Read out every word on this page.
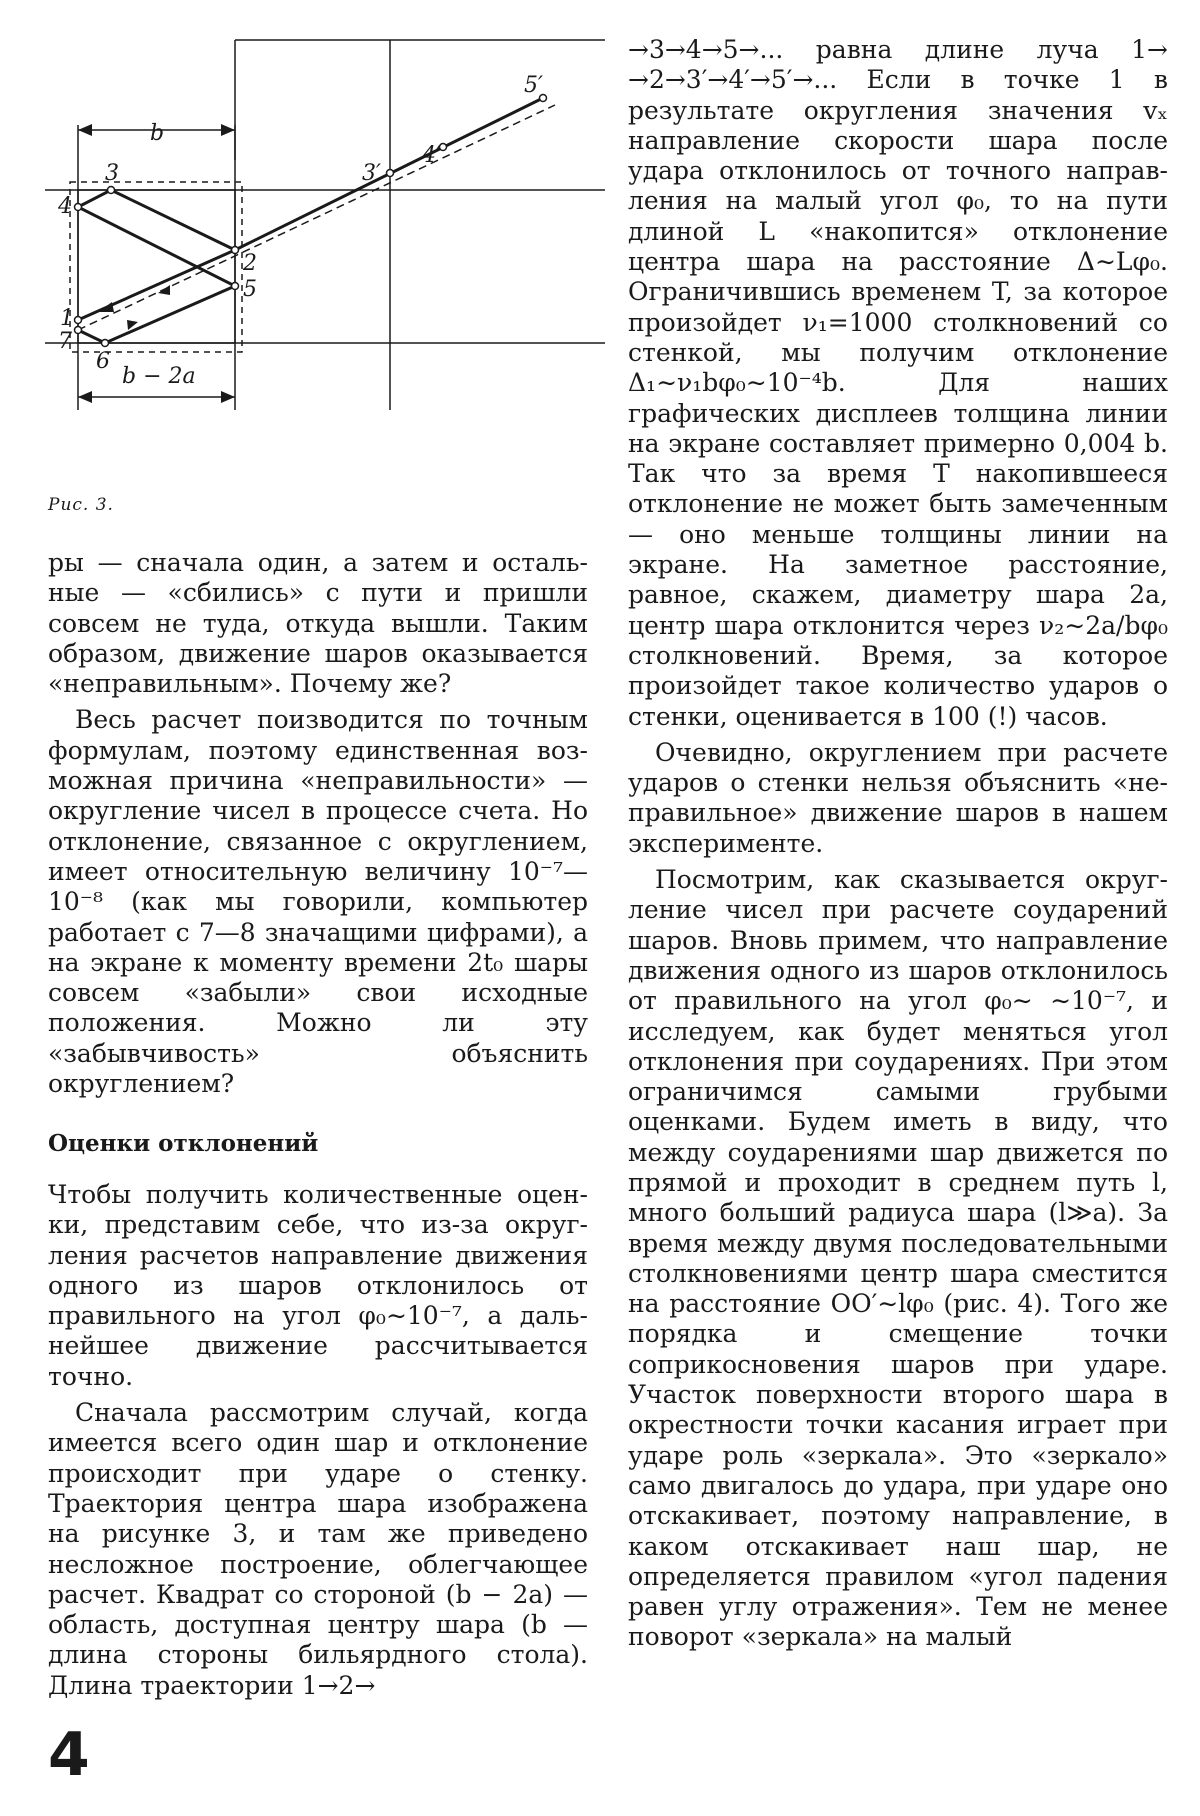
b
b − 2a
1
2
3
4
5
6
7
3′
4′
5′
Рис. 3.

ры — сначала один, а затем и остальные — «сбились» с пути и пришли совсем не туда, откуда вышли. Таким образом, движение шаров оказывается «неправильным». Почему же?

Весь расчет поизводится по точным формулам, поэтому единственная возможная причина «неправильности» — округление чисел в процессе счета. Но отклонение, связанное с округлением, имеет относительную величину 10⁻⁷—10⁻⁸ (как мы говорили, компьютер работает с 7—8 значащими цифрами), а на экране к моменту времени 2t₀ шары совсем «забыли» свои исходные положения. Можно ли эту «забывчивость» объяснить округлением?

Оценки отклонений

Чтобы получить количественные оценки, представим себе, что из-за округления расчетов направление движения одного из шаров отклонилось от правильного на угол φ₀∼10⁻⁷, а дальнейшее движение рассчитывается точно.

Сначала рассмотрим случай, когда имеется всего один шар и отклонение происходит при ударе о стенку. Траектория центра шара изображена на рисунке 3, и там же приведено несложное построение, облегчающее расчет. Квадрат со стороной (b − 2a) — область, доступная центру шара (b — длина стороны бильярдного стола). Длина траектории 1→2→

→3→4→5→... равна длине луча 1→ →2→3′→4′→5′→... Если в точке 1 в результате округления значения vₓ направление скорости шара после удара отклонилось от точного направления на малый угол φ₀, то на пути длиной L «накопится» отклонение центра шара на расстояние Δ∼Lφ₀. Ограничившись временем T, за которое произойдет ν₁=1000 столкновений со стенкой, мы получим отклонение Δ₁∼ν₁bφ₀∼10⁻⁴b. Для наших графических дисплеев толщина линии на экране составляет примерно 0,004 b. Так что за время T накопившееся отклонение не может быть замеченным — оно меньше толщины линии на экране. На заметное расстояние, равное, скажем, диаметру шара 2a, центр шара отклонится через ν₂∼2a/bφ₀ столкновений. Время, за которое произойдет такое количество ударов о стенки, оценивается в 100 (!) часов.

Очевидно, округлением при расчете ударов о стенки нельзя объяснить «неправильное» движение шаров в нашем эксперименте.

Посмотрим, как сказывается округление чисел при расчете соударений шаров. Вновь примем, что направление движения одного из шаров отклонилось от правильного на угол φ₀∼ ∼10⁻⁷, и исследуем, как будет меняться угол отклонения при соударениях. При этом ограничимся самыми грубыми оценками. Будем иметь в виду, что между соударениями шар движется по прямой и проходит в среднем путь l, много больший радиуса шара (l≫a). За время между двумя последовательными столкновениями центр шара сместится на расстояние OO′∼lφ₀ (рис. 4). Того же порядка и смещение точки соприкосновения шаров при ударе. Участок поверхности второго шара в окрестности точки касания играет при ударе роль «зеркала». Это «зеркало» само двигалось до удара, при ударе оно отскакивает, поэтому направление, в каком отскакивает наш шар, не определяется правилом «угол падения равен углу отражения». Тем не менее поворот «зеркала» на малый

4
